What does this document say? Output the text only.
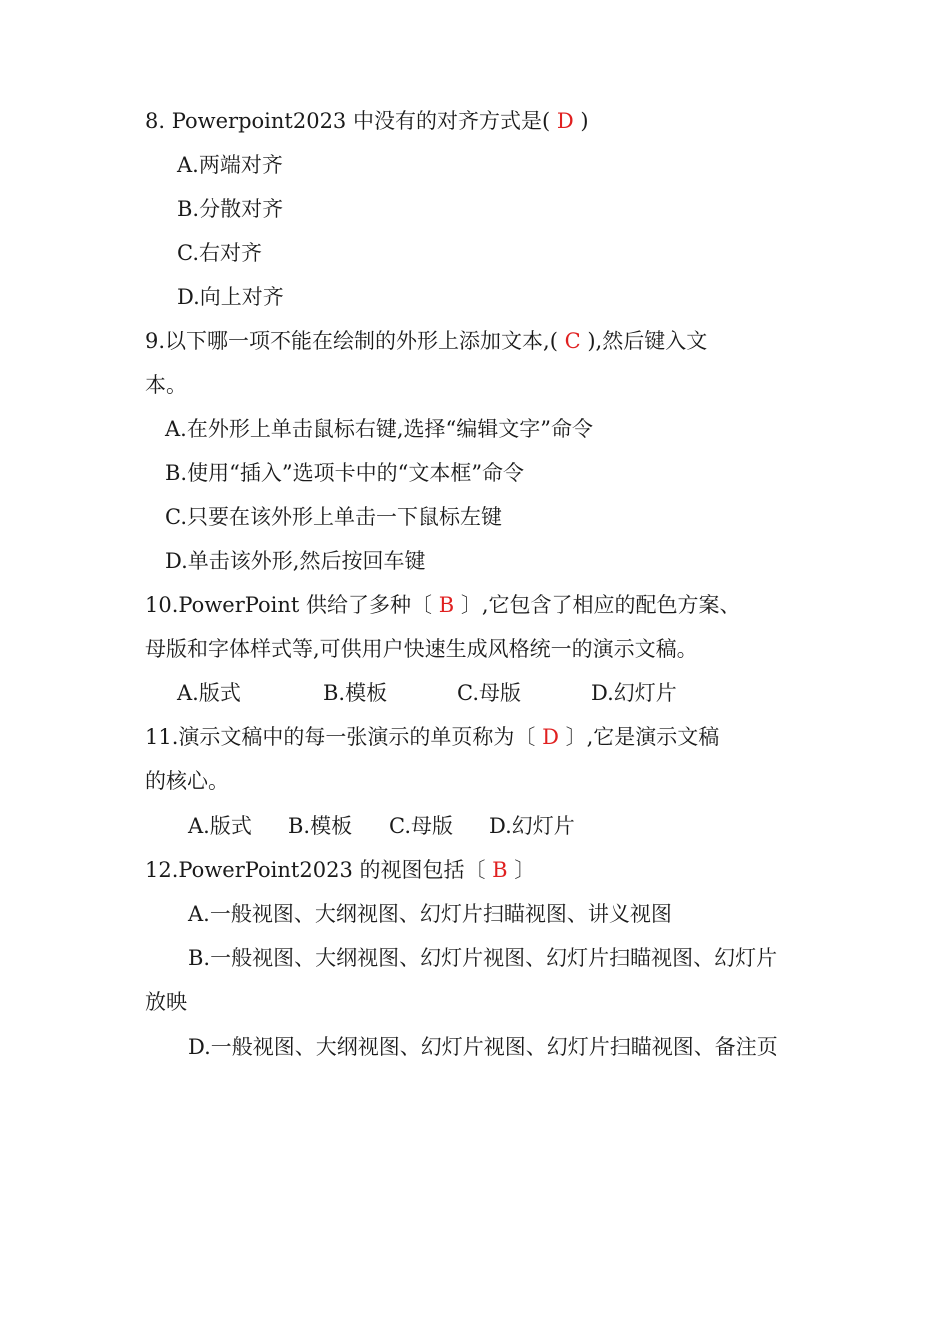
8. Powerpoint2023 中没有的对齐方式是( D )
A.两端对齐
B.分散对齐
C.右对齐
D.向上对齐
9.以下哪一项不能在绘制的外形上添加文本,( C ),然后键入文
本。
A.在外形上单击鼠标右键,选择“编辑文字”命令
B.使用“插入”选项卡中的“文本框”命令
C.只要在该外形上单击一下鼠标左键
D.单击该外形,然后按回车键
10.PowerPoint 供给了多种〔 B 〕,它包含了相应的配色方案、
母版和字体样式等,可供用户快速生成风格统一的演示文稿。
A.版式	B.模板	C.母版	D.幻灯片
11.演示文稿中的每一张演示的单页称为〔 D 〕,它是演示文稿
的核心。
A.版式 B.模板 C.母版 D.幻灯片
12.PowerPoint2023 的视图包括〔 B 〕
A.一般视图、大纲视图、幻灯片扫瞄视图、讲义视图
B.一般视图、大纲视图、幻灯片视图、幻灯片扫瞄视图、幻灯片
放映
D.一般视图、大纲视图、幻灯片视图、幻灯片扫瞄视图、备注页
